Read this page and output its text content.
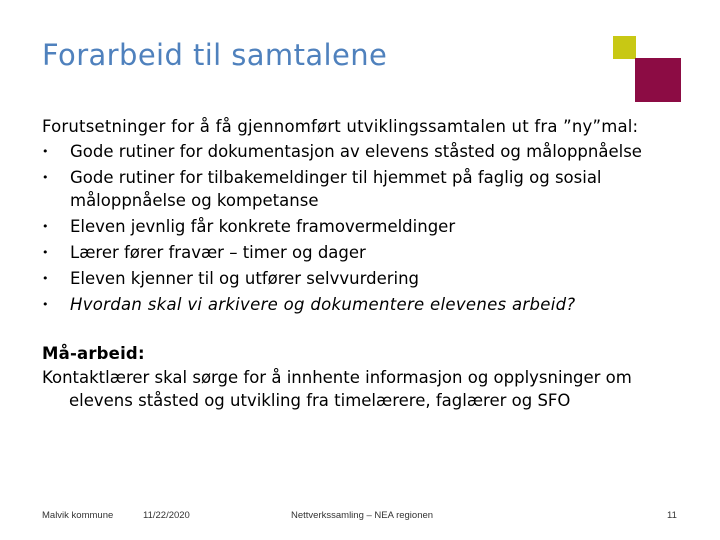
Forarbeid til samtalene

Forutsetninger for å få gjennomført utviklingssamtalen ut fra ”ny”mal:

• Gode rutiner for dokumentasjon av elevens ståsted og måloppnåelse
• Gode rutiner for tilbakemeldinger til hjemmet på faglig og sosial måloppnåelse og kompetanse
• Eleven jevnlig får konkrete framovermeldinger
• Lærer fører fravær – timer og dager
• Eleven kjenner til og utfører selvvurdering
• Hvordan skal vi arkivere og dokumentere elevenes arbeid?

Må-arbeid:

Kontaktlærer skal sørge for å innhente informasjon og opplysninger om elevens ståsted og utvikling fra timelærere, faglærer og SFO

Malvik kommune	11/22/2020	Nettverkssamling – NEA regionen	11
